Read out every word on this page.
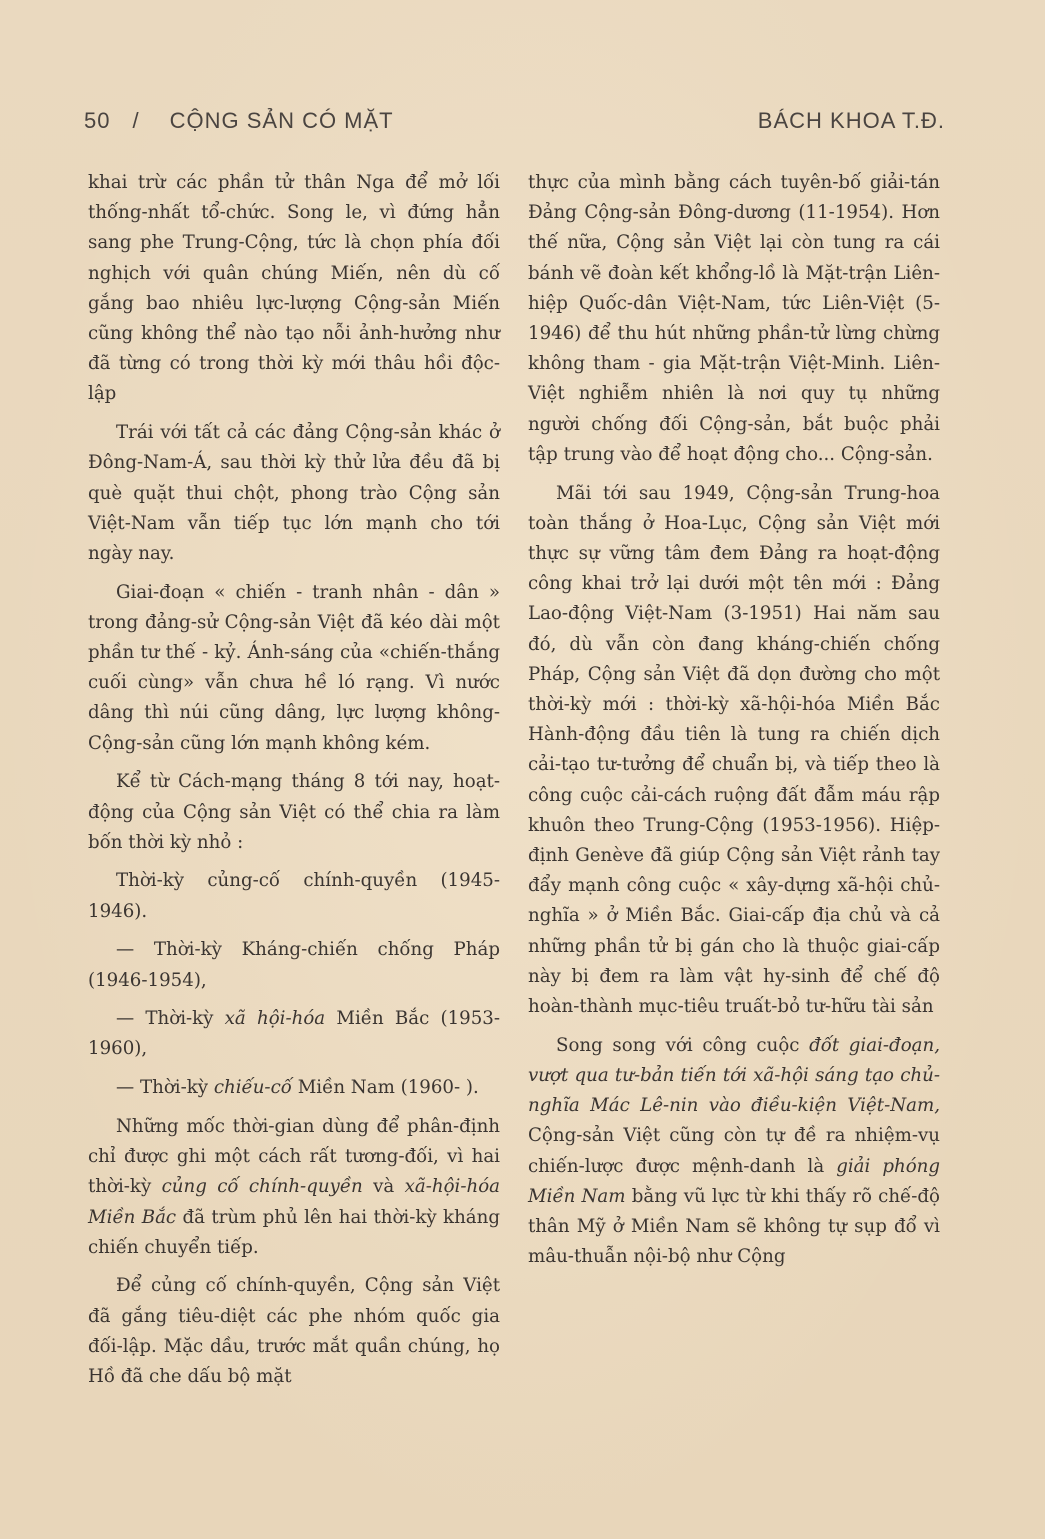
50 / CỘNG SẢN CÓ MẶT	BÁCH KHOA T.Đ.

khai trừ các phần tử thân Nga để mở lối thống-nhất tổ-chức. Song le, vì đứng hẳn sang phe Trung-Cộng, tức là chọn phía đối nghịch với quân chúng Miến, nên dù cố gắng bao nhiêu lực-lượng Cộng-sản Miến cũng không thể nào tạo nỗi ảnh-hưởng như đã từng có trong thời kỳ mới thâu hồi độc-lập

Trái với tất cả các đảng Cộng-sản khác ở Đông-Nam-Á, sau thời kỳ thử lửa đều đã bị què quặt thui chột, phong trào Cộng sản Việt-Nam vẫn tiếp tục lớn mạnh cho tới ngày nay.

Giai-đoạn « chiến - tranh nhân - dân » trong đảng-sử Cộng-sản Việt đã kéo dài một phần tư thế - kỷ. Ánh-sáng của «chiến-thắng cuối cùng» vẫn chưa hề ló rạng. Vì nước dâng thì núi cũng dâng, lực lượng không-Cộng-sản cũng lớn mạnh không kém.

Kể từ Cách-mạng tháng 8 tới nay, hoạt-động của Cộng sản Việt có thể chia ra làm bốn thời kỳ nhỏ :

Thời-kỳ củng-cố chính-quyền (1945-1946).

— Thời-kỳ Kháng-chiến chống Pháp (1946-1954),

— Thời-kỳ xã hội-hóa Miền Bắc (1953-1960),

— Thời-kỳ chiếu-cố Miền Nam (1960- ).

Những mốc thời-gian dùng để phân-định chỉ được ghi một cách rất tương-đối, vì hai thời-kỳ củng cố chính-quyền và xã-hội-hóa Miền Bắc đã trùm phủ lên hai thời-kỳ kháng chiến chuyển tiếp.

Để củng cố chính-quyền, Cộng sản Việt đã gắng tiêu-diệt các phe nhóm quốc gia đối-lập. Mặc dầu, trước mắt quần chúng, họ Hồ đã che dấu bộ mặt

thực của mình bằng cách tuyên-bố giải-tán Đảng Cộng-sản Đông-dương (11-1954). Hơn thế nữa, Cộng sản Việt lại còn tung ra cái bánh vẽ đoàn kết khổng-lồ là Mặt-trận Liên-hiệp Quốc-dân Việt-Nam, tức Liên-Việt (5-1946) để thu hút những phần-tử lừng chừng không tham - gia Mặt-trận Việt-Minh. Liên-Việt nghiễm nhiên là nơi quy tụ những người chống đối Cộng-sản, bắt buộc phải tập trung vào để hoạt động cho... Cộng-sản.

Mãi tới sau 1949, Cộng-sản Trung-hoa toàn thắng ở Hoa-Lục, Cộng sản Việt mới thực sự vững tâm đem Đảng ra hoạt-động công khai trở lại dưới một tên mới : Đảng Lao-động Việt-Nam (3-1951) Hai năm sau đó, dù vẫn còn đang kháng-chiến chống Pháp, Cộng sản Việt đã dọn đường cho một thời-kỳ mới : thời-kỳ xã-hội-hóa Miền Bắc Hành-động đầu tiên là tung ra chiến dịch cải-tạo tư-tưởng để chuẩn bị, và tiếp theo là công cuộc cải-cách ruộng đất đẫm máu rập khuôn theo Trung-Cộng (1953-1956). Hiệp-định Genève đã giúp Cộng sản Việt rảnh tay đẩy mạnh công cuộc « xây-dựng xã-hội chủ-nghĩa » ở Miền Bắc. Giai-cấp địa chủ và cả những phần tử bị gán cho là thuộc giai-cấp này bị đem ra làm vật hy-sinh để chế độ hoàn-thành mục-tiêu truất-bỏ tư-hữu tài sản

Song song với công cuộc đốt giai-đoạn, vượt qua tư-bản tiến tới xã-hội sáng tạo chủ-nghĩa Mác Lê-nin vào điều-kiện Việt-Nam, Cộng-sản Việt cũng còn tự đề ra nhiệm-vụ chiến-lược được mệnh-danh là giải phóng Miền Nam bằng vũ lực từ khi thấy rõ chế-độ thân Mỹ ở Miền Nam sẽ không tự sụp đổ vì mâu-thuẫn nội-bộ như Cộng
